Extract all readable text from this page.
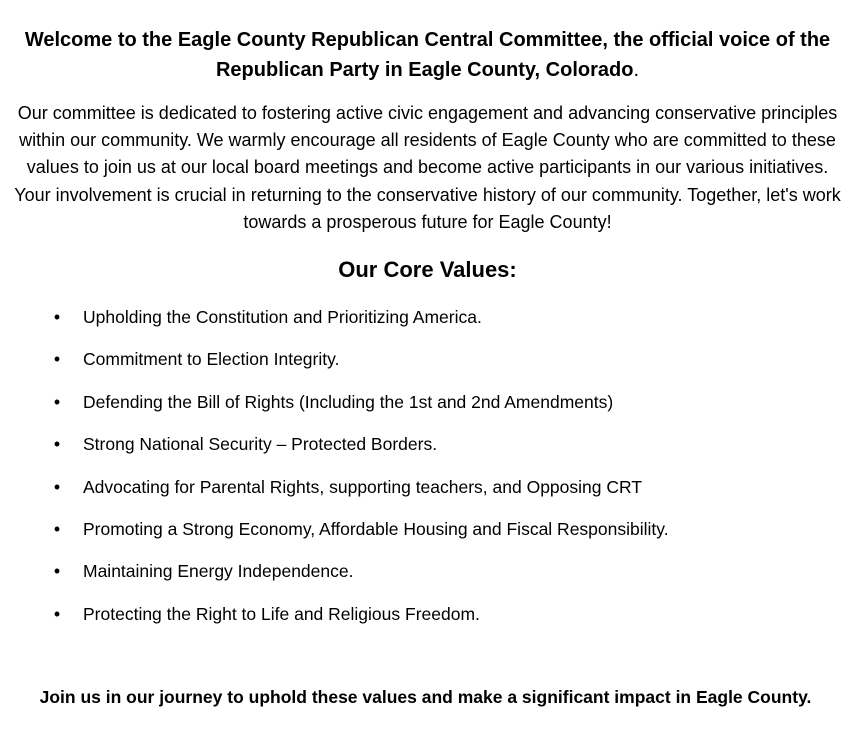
Welcome to the Eagle County Republican Central Committee, the official voice of the Republican Party in Eagle County, Colorado.

Our committee is dedicated to fostering active civic engagement and advancing conservative principles within our community. We warmly encourage all residents of Eagle County who are committed to these values to join us at our local board meetings and become active participants in our various initiatives. Your involvement is crucial in returning to the conservative history of our community. Together, let's work towards a prosperous future for Eagle County!

Our Core Values:
• Upholding the Constitution and Prioritizing America.
• Commitment to Election Integrity.
• Defending the Bill of Rights (Including the 1st and 2nd Amendments)
• Strong National Security – Protected Borders.
• Advocating for Parental Rights, supporting teachers, and Opposing CRT
• Promoting a Strong Economy, Affordable Housing and Fiscal Responsibility.
• Maintaining Energy Independence.
• Protecting the Right to Life and Religious Freedom.

Join us in our journey to uphold these values and make a significant impact in Eagle County.
